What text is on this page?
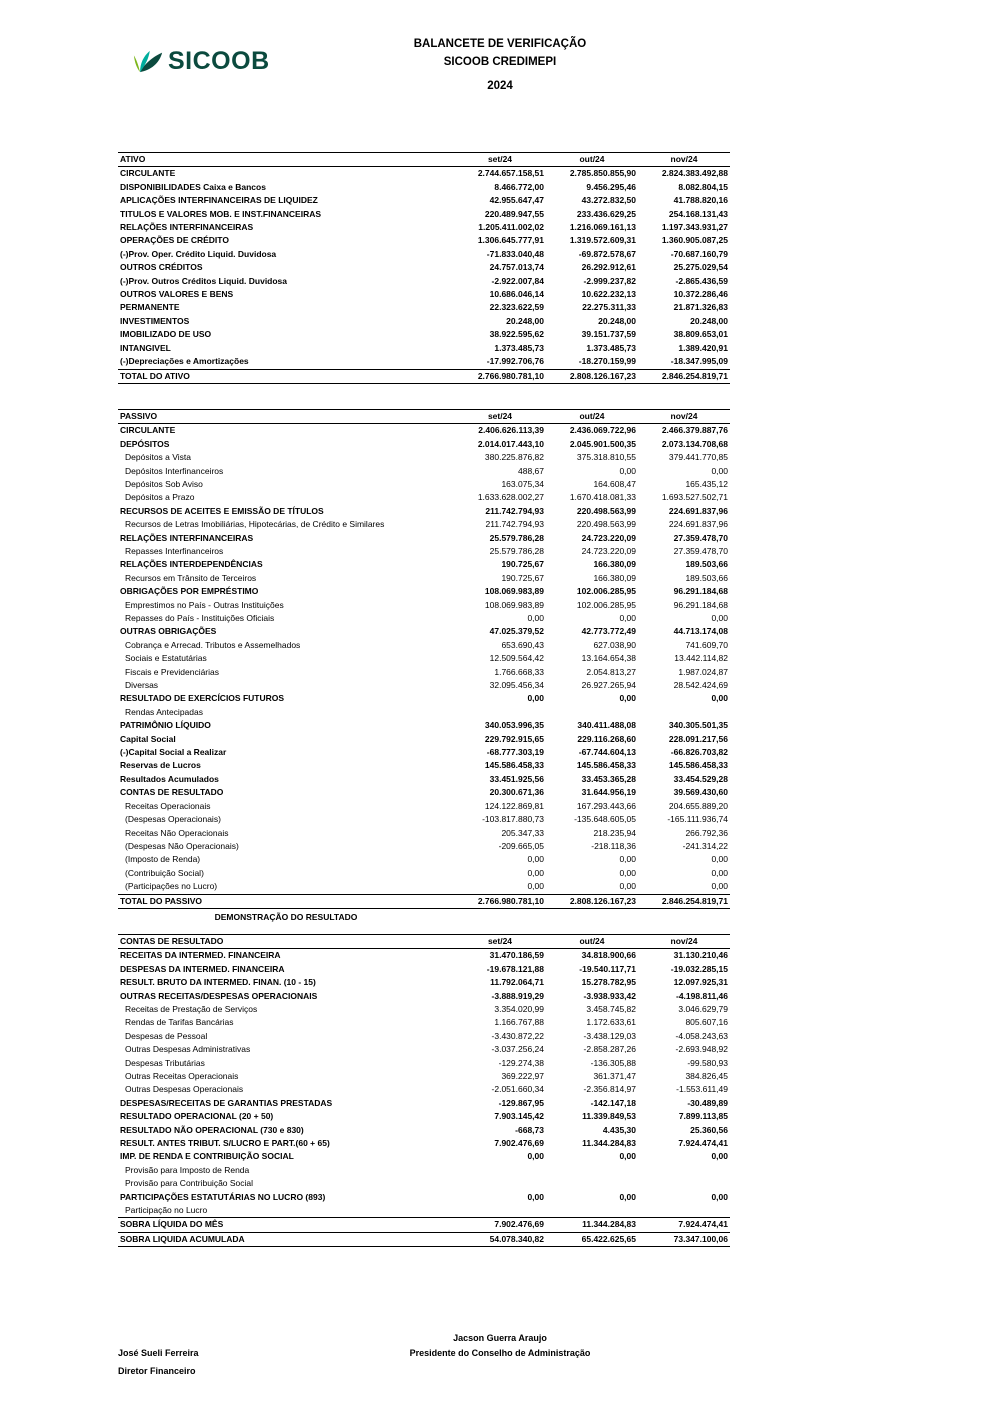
SICOOB
BALANCETE DE VERIFICAÇÃO
SICOOB CREDIMEPI
2024
ATIVO	set/24	out/24	nov/24
CIRCULANTE	2.744.657.158,51	2.785.850.855,90	2.824.383.492,88
DISPONIBILIDADES Caixa e Bancos	8.466.772,00	9.456.295,46	8.082.804,15
APLICAÇÕES INTERFINANCEIRAS DE LIQUIDEZ	42.955.647,47	43.272.832,50	41.788.820,16
TITULOS E VALORES MOB. E INST.FINANCEIRAS	220.489.947,55	233.436.629,25	254.168.131,43
RELAÇÕES INTERFINANCEIRAS	1.205.411.002,02	1.216.069.161,13	1.197.343.931,27
OPERAÇÕES DE CRÉDITO	1.306.645.777,91	1.319.572.609,31	1.360.905.087,25
(-)Prov. Oper. Crédito Liquid. Duvidosa	-71.833.040,48	-69.872.578,67	-70.687.160,79
OUTROS CRÉDITOS	24.757.013,74	26.292.912,61	25.275.029,54
(-)Prov. Outros Créditos Liquid. Duvidosa	-2.922.007,84	-2.999.237,82	-2.865.436,59
OUTROS VALORES E BENS	10.686.046,14	10.622.232,13	10.372.286,46
PERMANENTE	22.323.622,59	22.275.311,33	21.871.326,83
INVESTIMENTOS	20.248,00	20.248,00	20.248,00
IMOBILIZADO DE USO	38.922.595,62	39.151.737,59	38.809.653,01
INTANGIVEL	1.373.485,73	1.373.485,73	1.389.420,91
(-)Depreciações e Amortizações	-17.992.706,76	-18.270.159,99	-18.347.995,09
TOTAL DO ATIVO	2.766.980.781,10	2.808.126.167,23	2.846.254.819,71
PASSIVO	set/24	out/24	nov/24
CIRCULANTE	2.406.626.113,39	2.436.069.722,96	2.466.379.887,76
DEPÓSITOS	2.014.017.443,10	2.045.901.500,35	2.073.134.708,68
Depósitos a Vista	380.225.876,82	375.318.810,55	379.441.770,85
Depósitos Interfinanceiros	488,67	0,00	0,00
Depósitos Sob Aviso	163.075,34	164.608,47	165.435,12
Depósitos a Prazo	1.633.628.002,27	1.670.418.081,33	1.693.527.502,71
RECURSOS DE ACEITES E EMISSÃO DE TÍTULOS	211.742.794,93	220.498.563,99	224.691.837,96
Recursos de Letras Imobiliárias, Hipotecárias, de Crédito e Similares	211.742.794,93	220.498.563,99	224.691.837,96
RELAÇÕES INTERFINANCEIRAS	25.579.786,28	24.723.220,09	27.359.478,70
Repasses Interfinanceiros	25.579.786,28	24.723.220,09	27.359.478,70
RELAÇÕES INTERDEPENDÊNCIAS	190.725,67	166.380,09	189.503,66
Recursos em Trânsito de Terceiros	190.725,67	166.380,09	189.503,66
OBRIGAÇÕES POR EMPRÉSTIMO	108.069.983,89	102.006.285,95	96.291.184,68
Emprestimos no País - Outras Instituições	108.069.983,89	102.006.285,95	96.291.184,68
Repasses do País - Instituições Oficiais	0,00	0,00	0,00
OUTRAS OBRIGAÇÕES	47.025.379,52	42.773.772,49	44.713.174,08
Cobrança e Arrecad. Tributos e Assemelhados	653.690,43	627.038,90	741.609,70
Sociais e Estatutárias	12.509.564,42	13.164.654,38	13.442.114,82
Fiscais e Previdenciárias	1.766.668,33	2.054.813,27	1.987.024,87
Diversas	32.095.456,34	26.927.265,94	28.542.424,69
RESULTADO DE EXERCÍCIOS FUTUROS	0,00	0,00	0,00
Rendas Antecipadas			
PATRIMÔNIO LÍQUIDO	340.053.996,35	340.411.488,08	340.305.501,35
Capital Social	229.792.915,65	229.116.268,60	228.091.217,56
(-)Capital Social a Realizar	-68.777.303,19	-67.744.604,13	-66.826.703,82
Reservas de Lucros	145.586.458,33	145.586.458,33	145.586.458,33
Resultados Acumulados	33.451.925,56	33.453.365,28	33.454.529,28
CONTAS DE RESULTADO	20.300.671,36	31.644.956,19	39.569.430,60
Receitas Operacionais	124.122.869,81	167.293.443,66	204.655.889,20
(Despesas Operacionais)	-103.817.880,73	-135.648.605,05	-165.111.936,74
Receitas Não Operacionais	205.347,33	218.235,94	266.792,36
(Despesas Não Operacionais)	-209.665,05	-218.118,36	-241.314,22
(Imposto de Renda)	0,00	0,00	0,00
(Contribuição Social)	0,00	0,00	0,00
(Participações no Lucro)	0,00	0,00	0,00
TOTAL DO PASSIVO	2.766.980.781,10	2.808.126.167,23	2.846.254.819,71
DEMONSTRAÇÃO DO RESULTADO
CONTAS DE RESULTADO	set/24	out/24	nov/24
RECEITAS DA INTERMED. FINANCEIRA	31.470.186,59	34.818.900,66	31.130.210,46
DESPESAS DA INTERMED. FINANCEIRA	-19.678.121,88	-19.540.117,71	-19.032.285,15
RESULT. BRUTO DA INTERMED. FINAN. (10 - 15)	11.792.064,71	15.278.782,95	12.097.925,31
OUTRAS RECEITAS/DESPESAS OPERACIONAIS	-3.888.919,29	-3.938.933,42	-4.198.811,46
Receitas de Prestação de Serviços	3.354.020,99	3.458.745,82	3.046.629,79
Rendas de Tarifas Bancárias	1.166.767,88	1.172.633,61	805.607,16
Despesas de Pessoal	-3.430.872,22	-3.438.129,03	-4.058.243,63
Outras Despesas Administrativas	-3.037.256,24	-2.858.287,26	-2.693.948,92
Despesas Tributárias	-129.274,38	-136.305,88	-99.580,93
Outras Receitas Operacionais	369.222,97	361.371,47	384.826,45
Outras Despesas Operacionais	-2.051.660,34	-2.356.814,97	-1.553.611,49
DESPESAS/RECEITAS DE GARANTIAS PRESTADAS	-129.867,95	-142.147,18	-30.489,89
RESULTADO OPERACIONAL (20 + 50)	7.903.145,42	11.339.849,53	7.899.113,85
RESULTADO NÃO OPERACIONAL (730 e 830)	-668,73	4.435,30	25.360,56
RESULT. ANTES TRIBUT. S/LUCRO E PART.(60 + 65)	7.902.476,69	11.344.284,83	7.924.474,41
IMP. DE RENDA E CONTRIBUIÇÃO SOCIAL	0,00	0,00	0,00
Provisão para Imposto de Renda			
Provisão para Contribuição Social			
PARTICIPAÇÕES ESTATUTÁRIAS NO LUCRO (893)	0,00	0,00	0,00
Participação no Lucro			
SOBRA LÍQUIDA DO MÊS	7.902.476,69	11.344.284,83	7.924.474,41
SOBRA LIQUIDA ACUMULADA	54.078.340,82	65.422.625,65	73.347.100,06
Jacson Guerra Araujo
Presidente do Conselho de Administração
José Sueli Ferreira
Diretor Financeiro
